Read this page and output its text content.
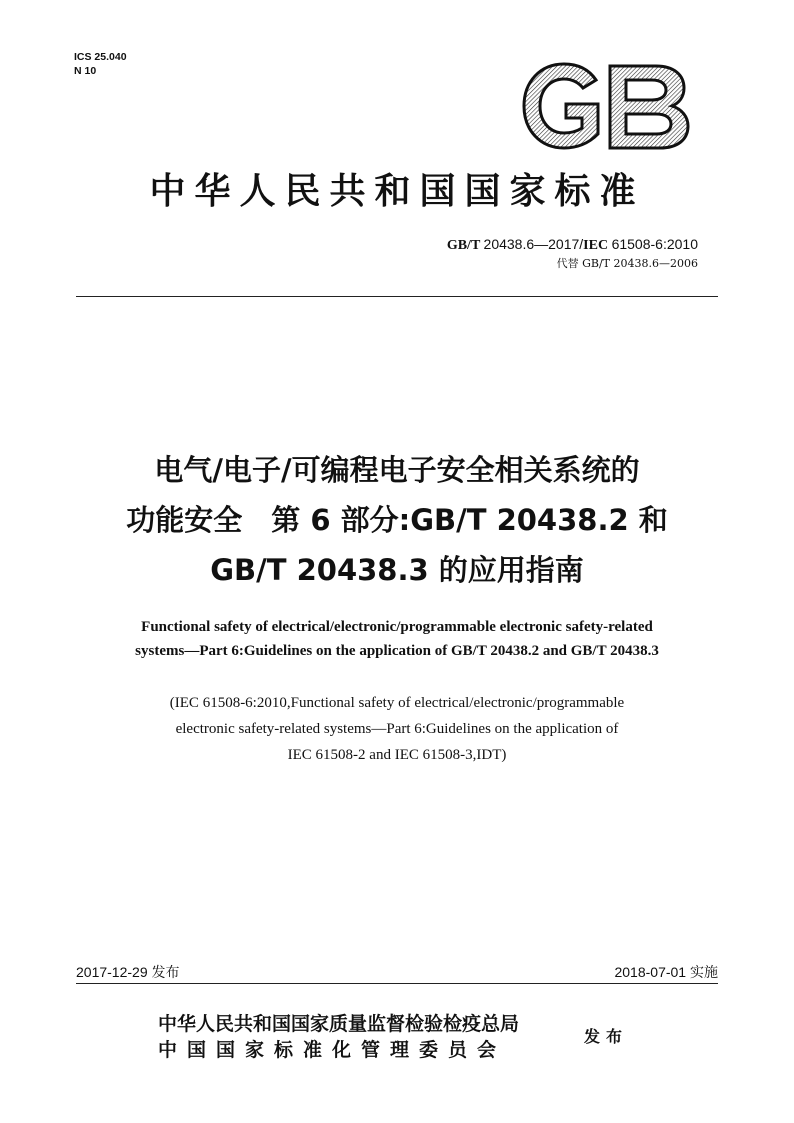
ICS 25.040
N 10
中华人民共和国国家标准
GB/T 20438.6—2017/IEC 61508-6:2010
代替 GB/T 20438.6—2006
电气/电子/可编程电子安全相关系统的
功能安全　第 6 部分:GB/T 20438.2 和
GB/T 20438.3 的应用指南
Functional safety of electrical/electronic/programmable electronic safety-related
systems—Part 6:Guidelines on the application of GB/T 20438.2 and GB/T 20438.3
(IEC 61508-6:2010,Functional safety of electrical/electronic/programmable
electronic safety-related systems—Part 6:Guidelines on the application of
IEC 61508-2 and IEC 61508-3,IDT)
2017-12-29 发布	2018-07-01 实施
中华人民共和国国家质量监督检验检疫总局
中国国家标准化管理委员会
发布
